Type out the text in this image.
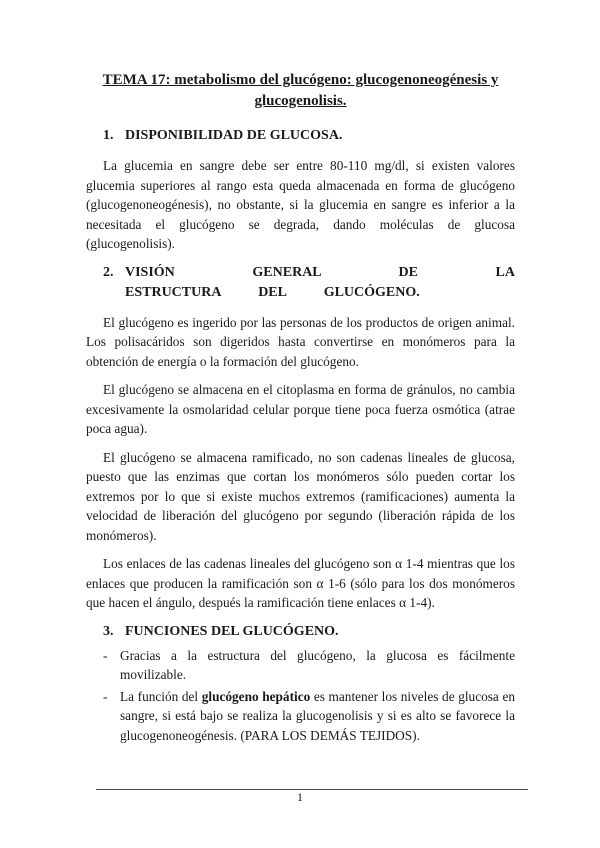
TEMA 17: metabolismo del glucógeno: glucogenoneogénesis y glucogenolisis.
1. DISPONIBILIDAD DE GLUCOSA.

La glucemia en sangre debe ser entre 80-110 mg/dl, si existen valores glucemia superiores al rango esta queda almacenada en forma de glucógeno (glucogenoneogénesis), no obstante, si la glucemia en sangre es inferior a la necesitada el glucógeno se degrada, dando moléculas de glucosa (glucogenolisis).

2. VISIÓN GENERAL DE LA ESTRUCTURA DEL GLUCÓGENO.

El glucógeno es ingerido por las personas de los productos de origen animal. Los polisacáridos son digeridos hasta convertirse en monómeros para la obtención de energía o la formación del glucógeno.

El glucógeno se almacena en el citoplasma en forma de gránulos, no cambia excesivamente la osmolaridad celular porque tiene poca fuerza osmótica (atrae poca agua).

El glucógeno se almacena ramificado, no son cadenas lineales de glucosa, puesto que las enzimas que cortan los monómeros sólo pueden cortar los extremos por lo que si existe muchos extremos (ramificaciones) aumenta la velocidad de liberación del glucógeno por segundo (liberación rápida de los monómeros).

Los enlaces de las cadenas lineales del glucógeno son α 1-4 mientras que los enlaces que producen la ramificación son α 1-6 (sólo para los dos monómeros que hacen el ángulo, después la ramificación tiene enlaces α 1-4).

3. FUNCIONES DEL GLUCÓGENO.
- Gracias a la estructura del glucógeno, la glucosa es fácilmente movilizable.
- La función del glucógeno hepático es mantener los niveles de glucosa en sangre, si está bajo se realiza la glucogenolisis y si es alto se favorece la glucogenoneogénesis. (PARA LOS DEMÁS TEJIDOS).
1
